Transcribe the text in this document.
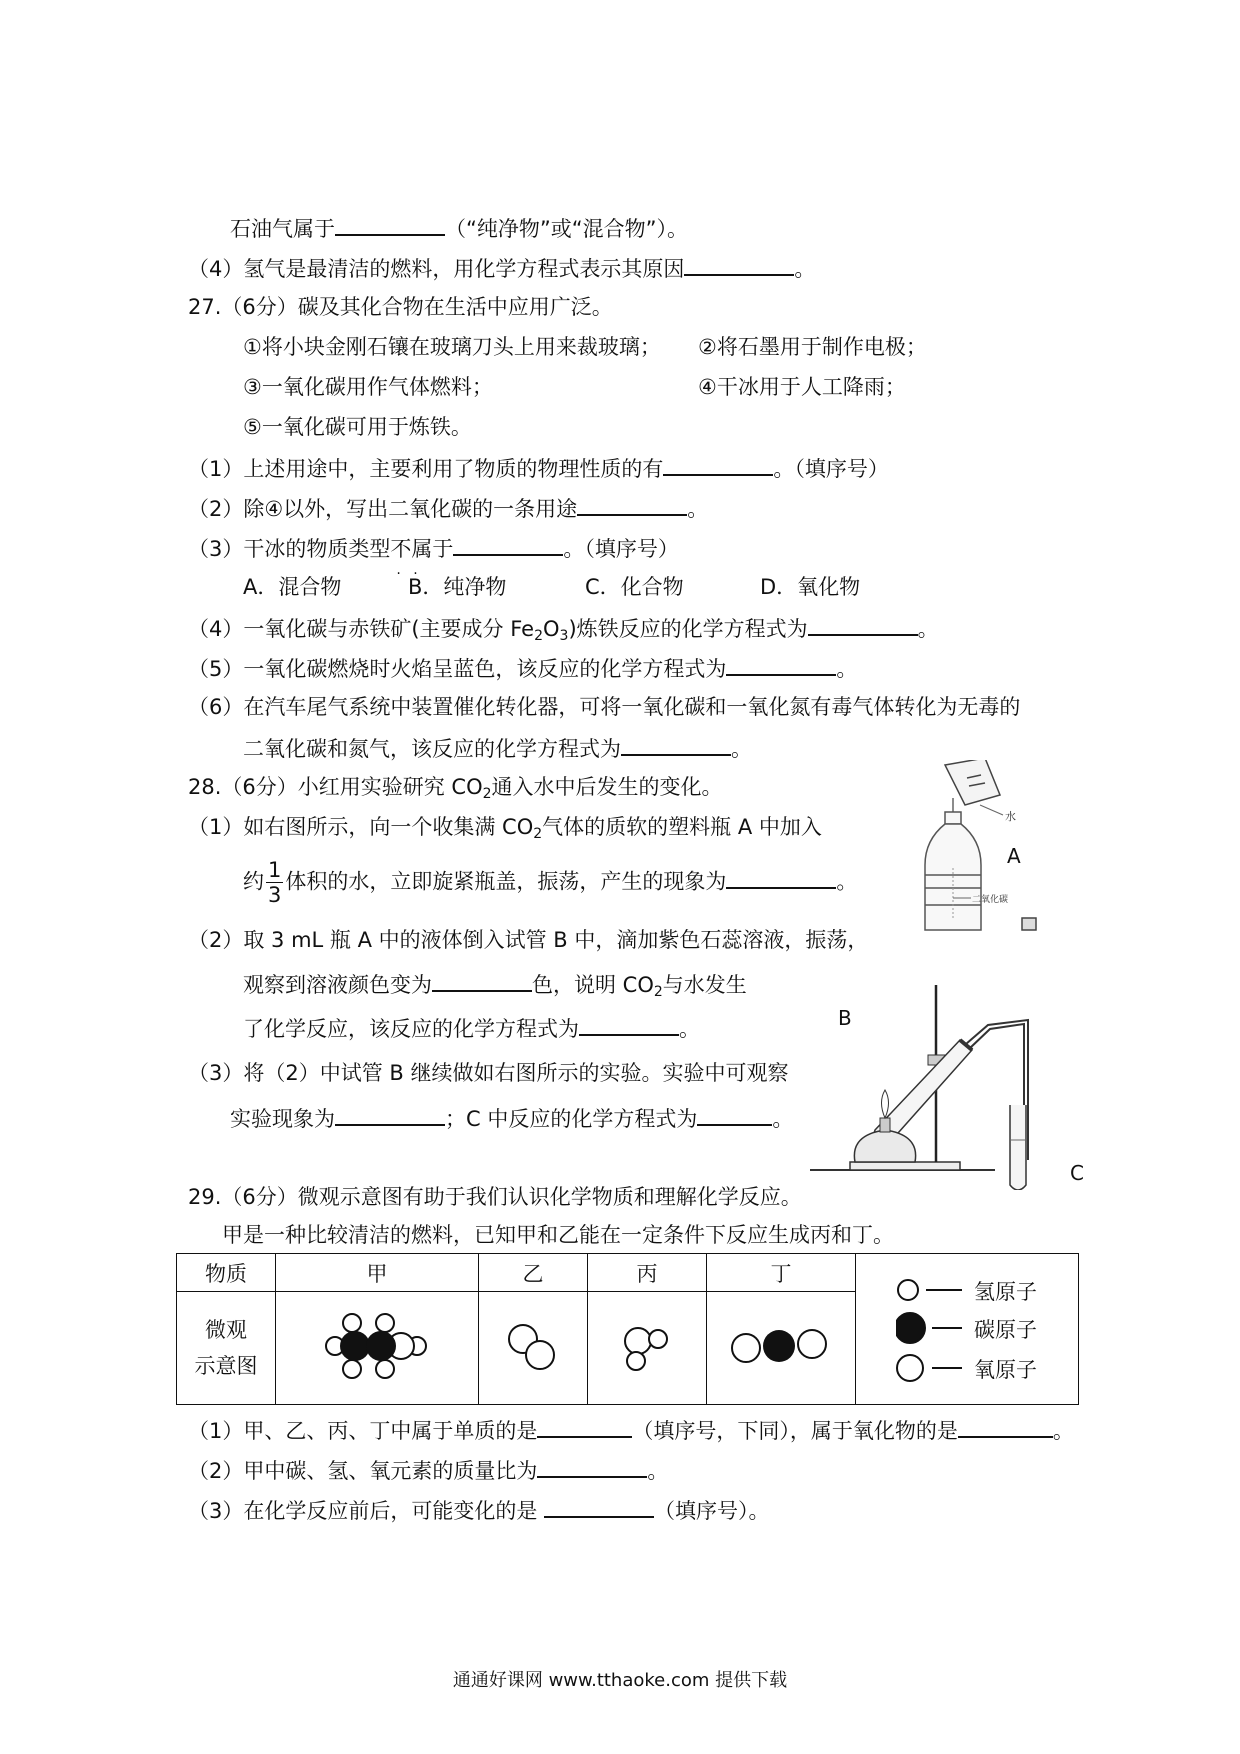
石油气属于	（“纯净物”或“混合物”）。
（4）氢气是最清洁的燃料，用化学方程式表示其原因	。
27.（6分）碳及其化合物在生活中应用广泛。
①将小块金刚石镶在玻璃刀头上用来裁玻璃； ②将石墨用于制作电极；
③一氧化碳用作气体燃料；	④干冰用于人工降雨；
⑤一氧化碳可用于炼铁。
（1）上述用途中，主要利用了物质的物理性质的有	。（填序号）
（2）除④以外，写出二氧化碳的一条用途	。
（3）干冰的物质类型不属于 · ·	。（填序号）
A．混合物	B．纯净物	C．化合物	D．氧化物
（4）一氧化碳与赤铁矿(主要成分 $Fe_2O_3$)炼铁反应的化学方程式为	。
（5）一氧化碳燃烧时火焰呈蓝色，该反应的化学方程式为	。
（6）在汽车尾气系统中装置催化转化器，可将一氧化碳和一氧化氮有毒气体转化为无毒的
二氧化碳和氮气，该反应的化学方程式为	。
28.（6分）小红用实验研究 $CO_2$通入水中后发生的变化。
（1）如右图所示，向一个收集满 $CO_2$气体的质软的塑料瓶 A 中加入
约 $\frac{1}{3}$ 体积的水，立即旋紧瓶盖，振荡，产生的现象为	。
（2）取 3 mL 瓶 A 中的液体倒入试管 B 中，滴加紫色石蕊溶液，振荡，
观察到溶液颜色变为	色，说明 $CO_2$与水发生
了化学反应，该反应的化学方程式为	。
（3）将（2）中试管 B 继续做如右图所示的实验。实验中可观察
实验现象为	；C 中反应的化学方程式为	。
水
A
二氧化碳
B
C
29.（6分）微观示意图有助于我们认识化学物质和理解化学反应。
甲是一种比较清洁的燃料，已知甲和乙能在一定条件下反应生成丙和丁。
物质	甲	乙	丙	丁	氢原子
碳原子
氧原子

微观
示意图

（1）甲、乙、丙、丁中属于单质的是	（填序号，下同），属于氧化物的是	。
（2）甲中碳、氢、氧元素的质量比为	。
（3）在化学反应前后，可能变化的是	（填序号）。
通通好课网 www.tthaoke.com 提供下载
